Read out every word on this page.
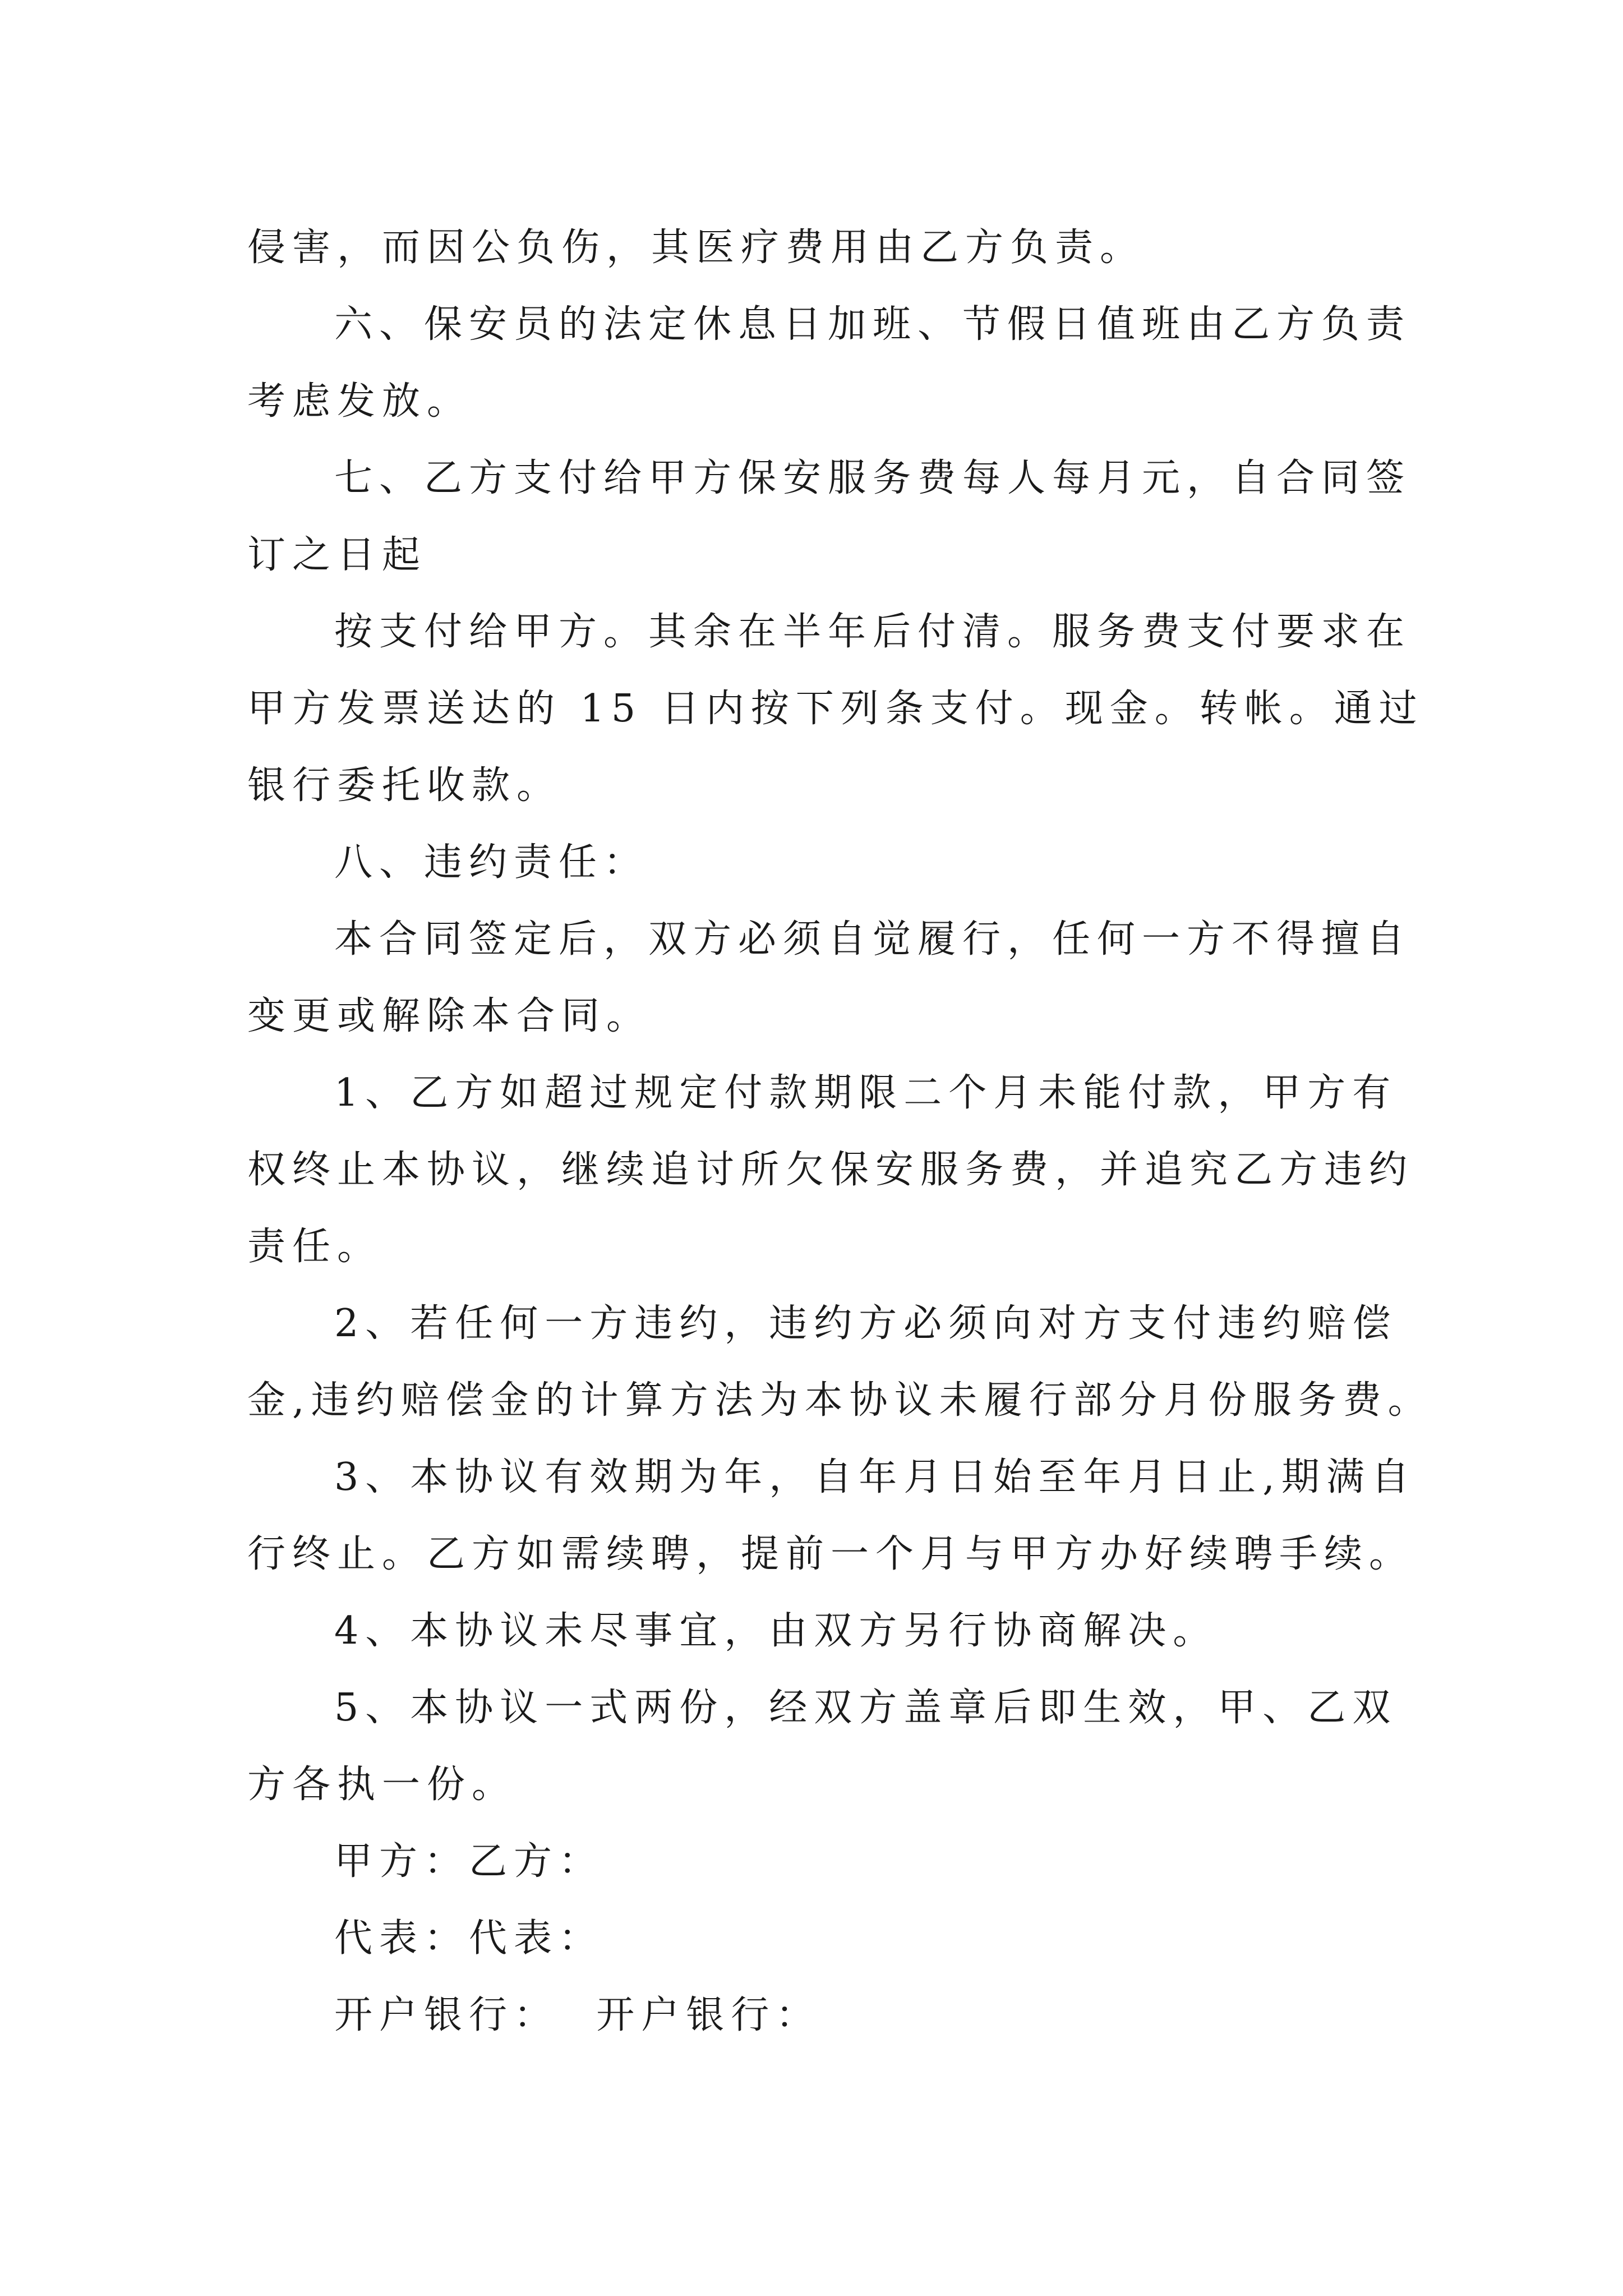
侵害，而因公负伤，其医疗费用由乙方负责。
六、保安员的法定休息日加班、节假日值班由乙方负责
考虑发放。
七、乙方支付给甲方保安服务费每人每月元，自合同签
订之日起
按支付给甲方。其余在半年后付清。服务费支付要求在
甲方发票送达的 15 日内按下列条支付。现金。转帐。通过
银行委托收款。
八、违约责任：
本合同签定后，双方必须自觉履行，任何一方不得擅自
变更或解除本合同。
1、乙方如超过规定付款期限二个月未能付款，甲方有
权终止本协议，继续追讨所欠保安服务费，并追究乙方违约
责任。
2、若任何一方违约，违约方必须向对方支付违约赔偿
金,违约赔偿金的计算方法为本协议未履行部分月份服务费。
3、本协议有效期为年，自年月日始至年月日止,期满自
行终止。乙方如需续聘，提前一个月与甲方办好续聘手续。
4、本协议未尽事宜，由双方另行协商解决。
5、本协议一式两份，经双方盖章后即生效，甲、乙双
方各执一份。
甲方：乙方：
代表：代表：
开户银行：  开户银行：
